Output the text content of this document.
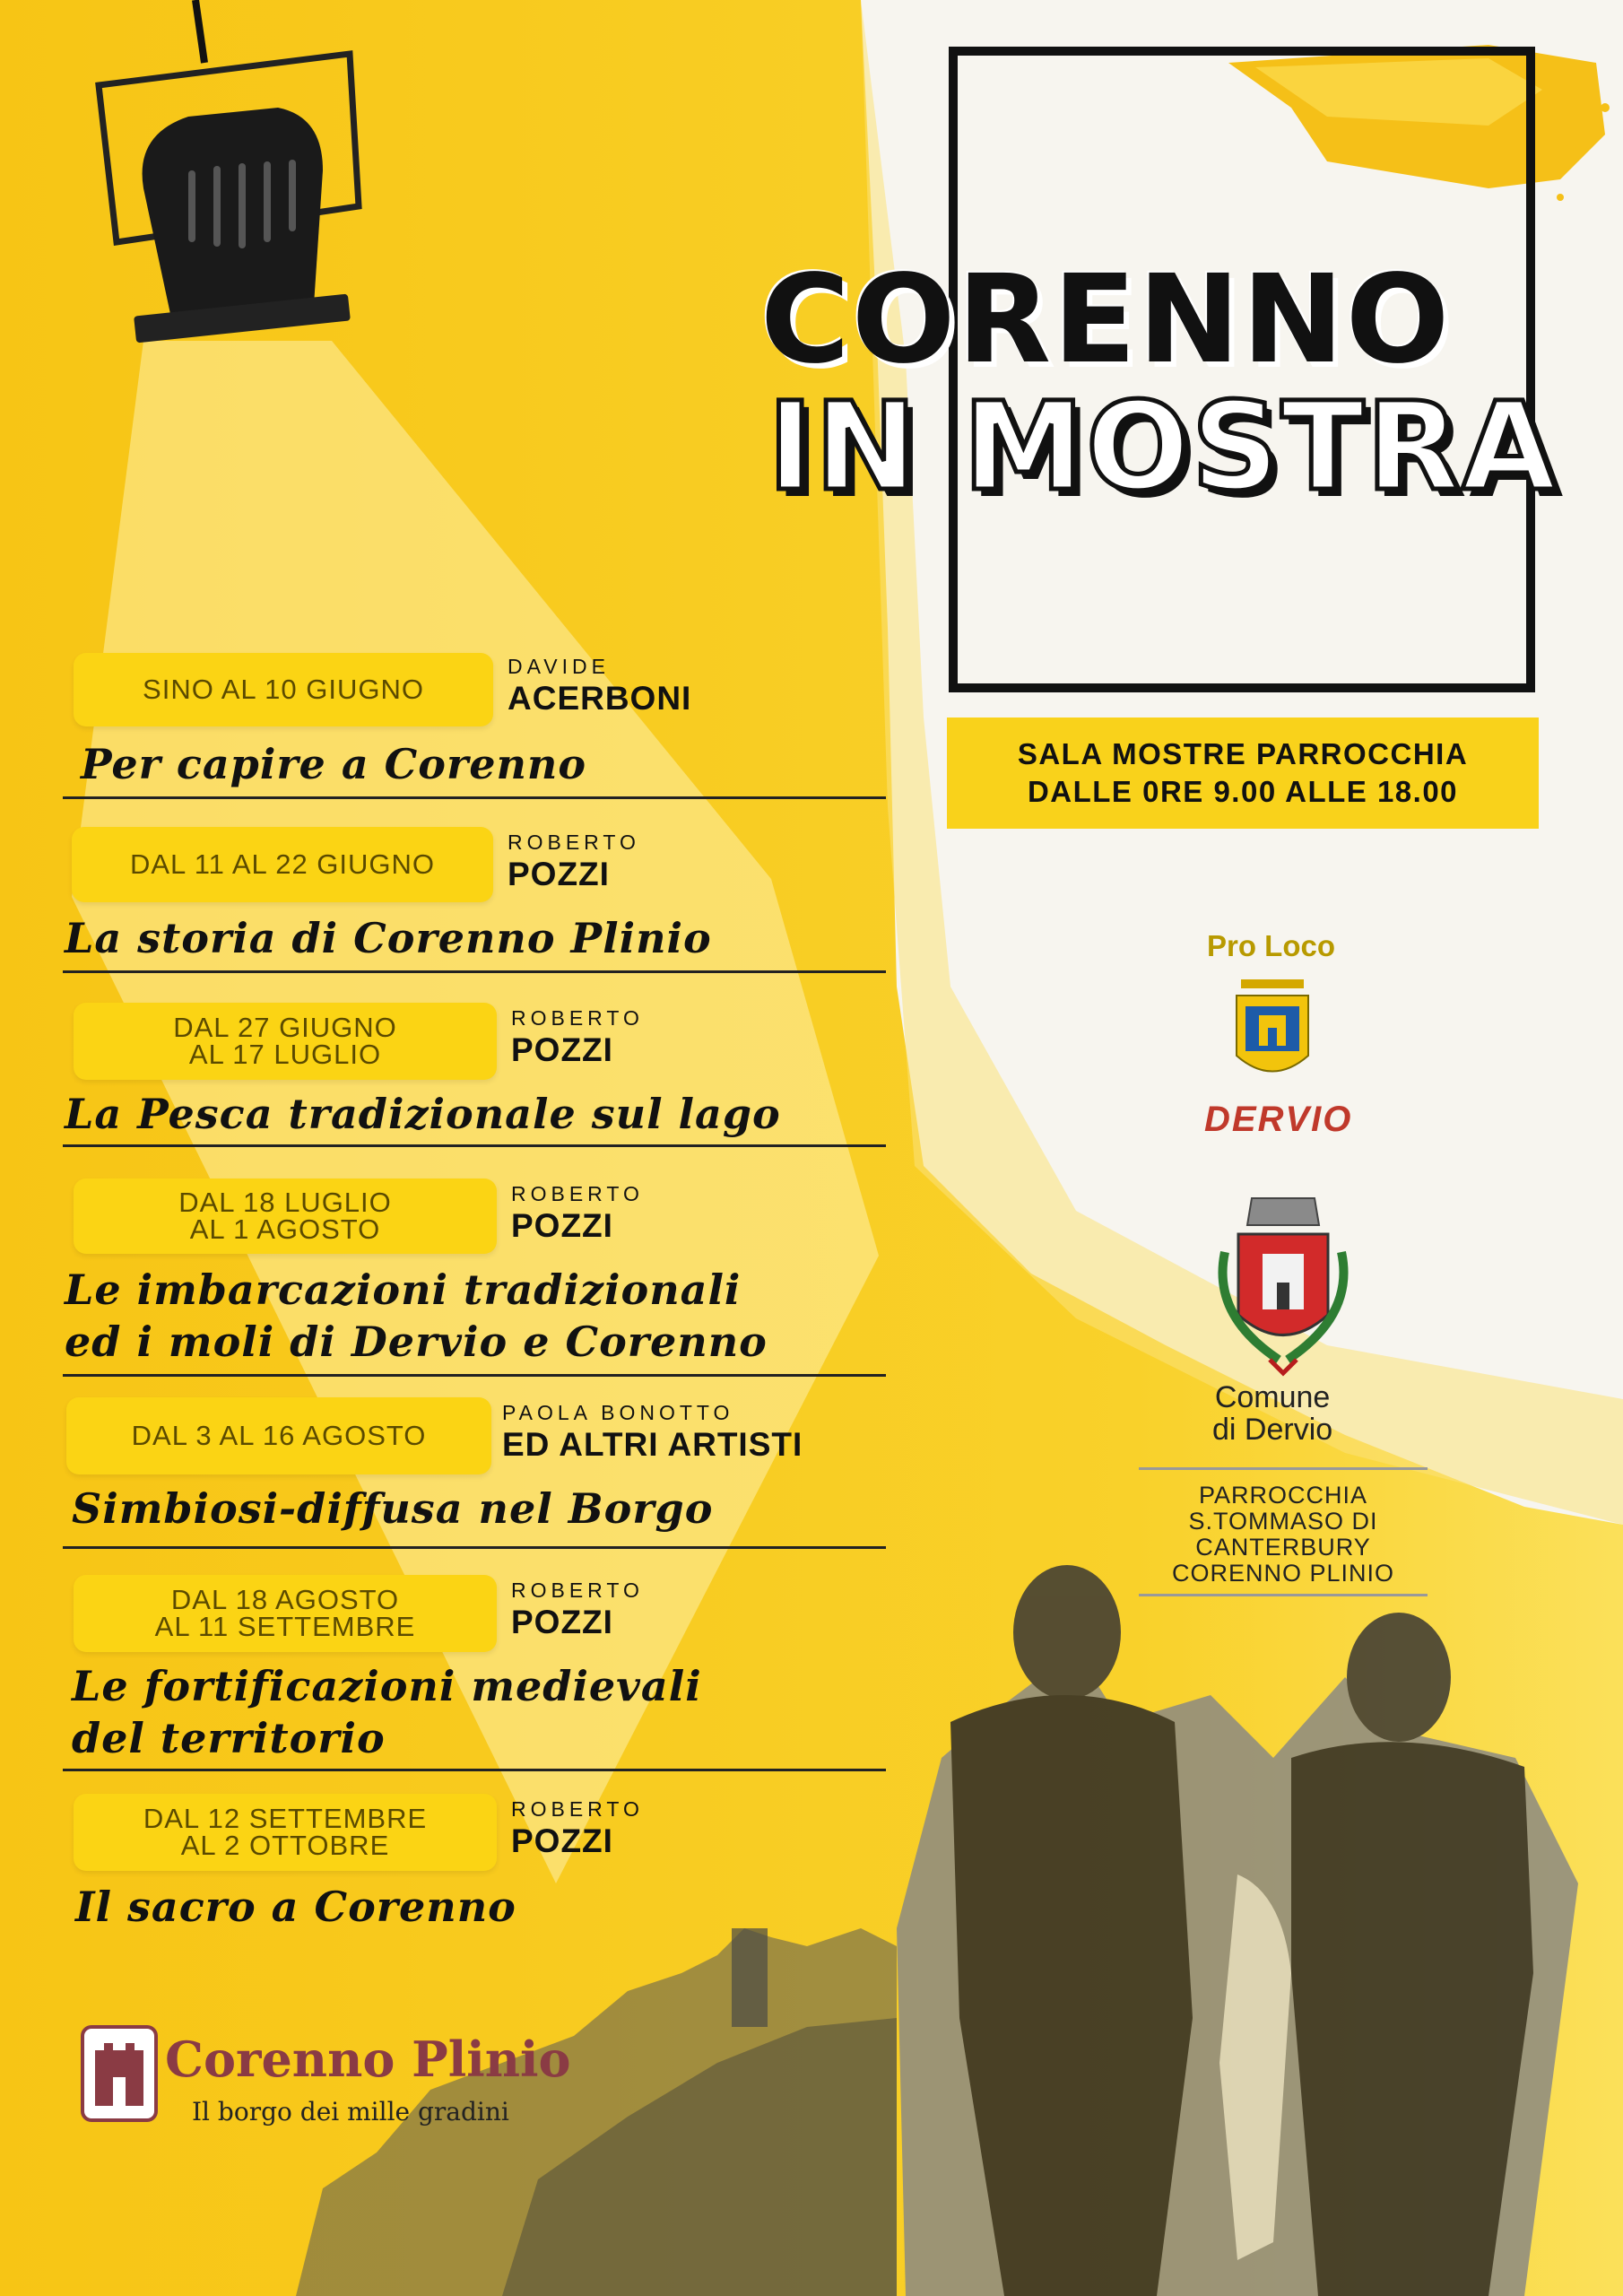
CORENNO
IN MOSTRA
SALA MOSTRE PARROCCHIA
DALLE 0RE 9.00 ALLE 18.00
SINO AL 10 GIUGNO
DAVIDE
ACERBONI
Per capire a Corenno
DAL 11 AL 22 GIUGNO
ROBERTO
POZZI
La storia di Corenno Plinio
DAL 27 GIUGNO
AL 17 LUGLIO
ROBERTO
POZZI
La Pesca tradizionale sul lago
DAL 18 LUGLIO
AL 1 AGOSTO
ROBERTO
POZZI
Le imbarcazioni tradizionali
ed i moli di Dervio e Corenno
DAL 3 AL 16 AGOSTO
PAOLA BONOTTO
ED ALTRI ARTISTI
Simbiosi-diffusa nel Borgo
DAL 18 AGOSTO
AL 11 SETTEMBRE
ROBERTO
POZZI
Le fortificazioni medievali
del territorio
DAL 12 SETTEMBRE
AL 2 OTTOBRE
ROBERTO
POZZI
Il sacro a Corenno
Pro Loco
DERVIO
Comune
di Dervio
PARROCCHIA
S.TOMMASO DI
CANTERBURY
CORENNO PLINIO
Corenno Plinio
Il borgo dei mille gradini
